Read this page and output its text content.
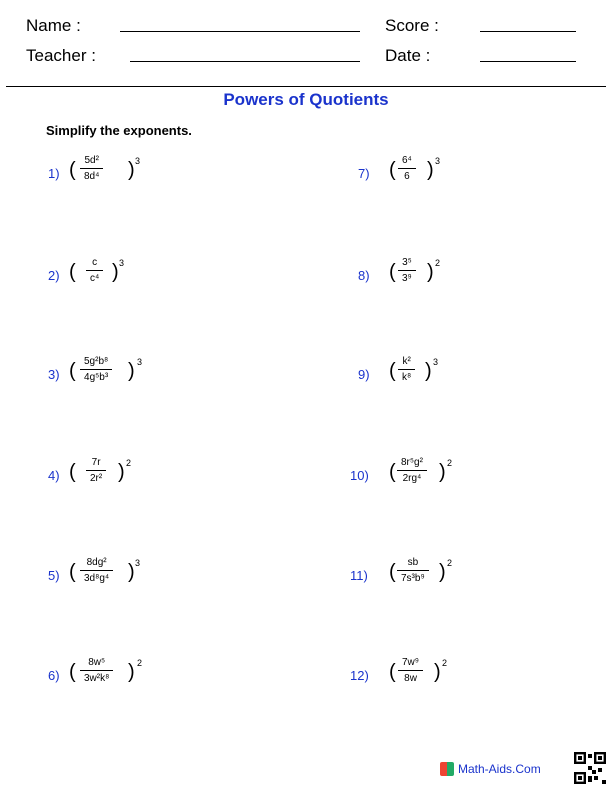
Name :
Teacher :
Score :
Date :
Powers of Quotients
Simplify the exponents.
1) ( $\frac{\text{5d²}}{\text{8d⁴}}$ ) 3
2) ( $\frac{c}{\text{c⁴}}$ ) 3
3) ( $\frac{\text{5g²b⁸}}{\text{4g⁵b³}}$ ) 3
4) ( $\frac{7r}{\text{2r²}}$ ) 2
5) ( $\frac{\text{8dg²}}{\text{3d⁸g⁴}}$ ) 3
6) ( $\frac{\text{8w⁵}}{\text{3w²k⁸}}$ ) 2
7) ( $\frac{\text{6⁴}}{6}$ ) 3
8) ( $\frac{\text{3⁵}}{\text{3⁹}}$ ) 2
9) ( $\frac{\text{k²}}{\text{k⁸}}$ ) 3
10) ( $\frac{\text{8r⁵g²}}{\text{2rg⁴}}$ ) 2
11) ( $\frac{sb}{\text{7s³b⁹}}$ ) 2
12) ( $\frac{\text{7w⁹}}{8w}$ ) 2
Math-Aids.Com
